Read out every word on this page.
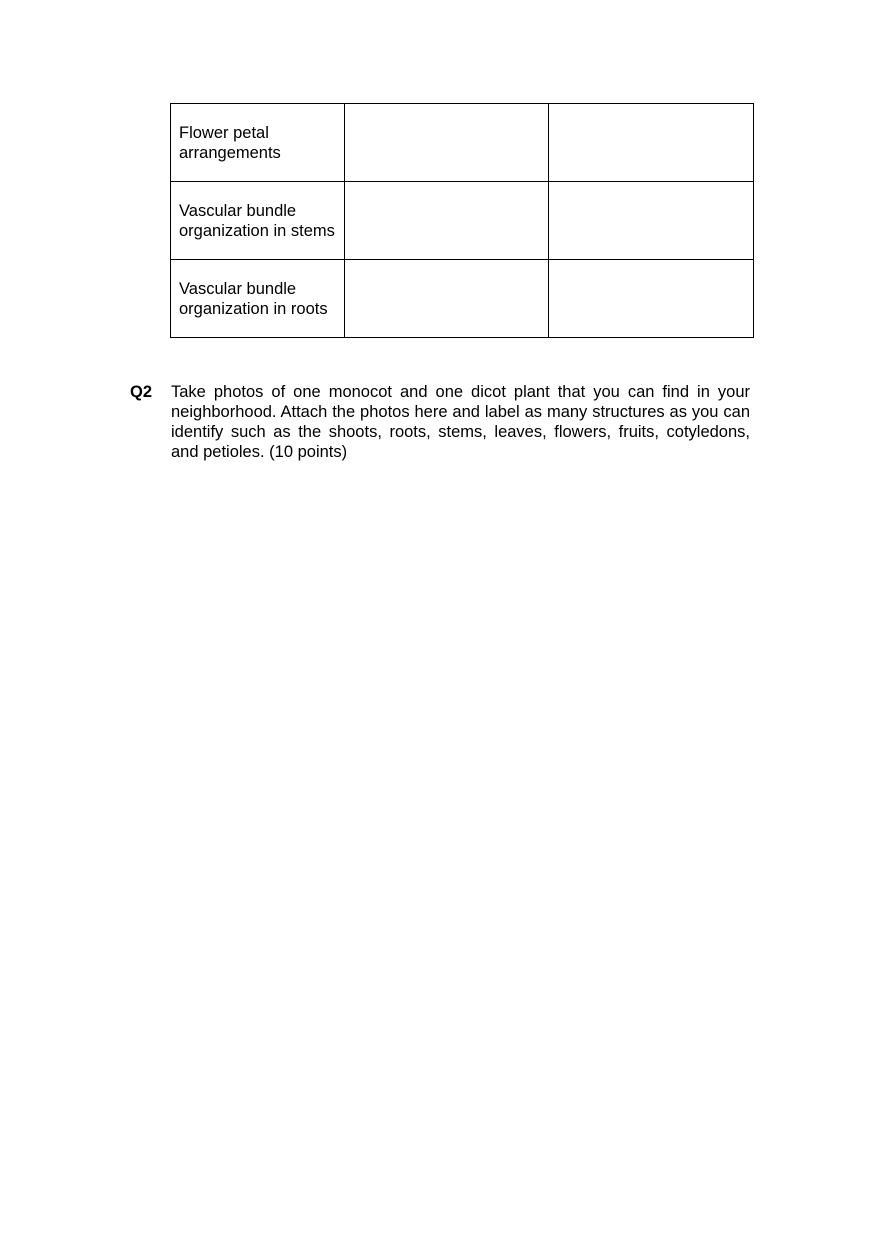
Flower petal arrangements		
Vascular bundle organization in stems		
Vascular bundle organization in roots		
Q2 Take photos of one monocot and one dicot plant that you can find in your neighborhood. Attach the photos here and label as many structures as you can identify such as the shoots, roots, stems, leaves, flowers, fruits, cotyledons, and petioles. (10 points)
